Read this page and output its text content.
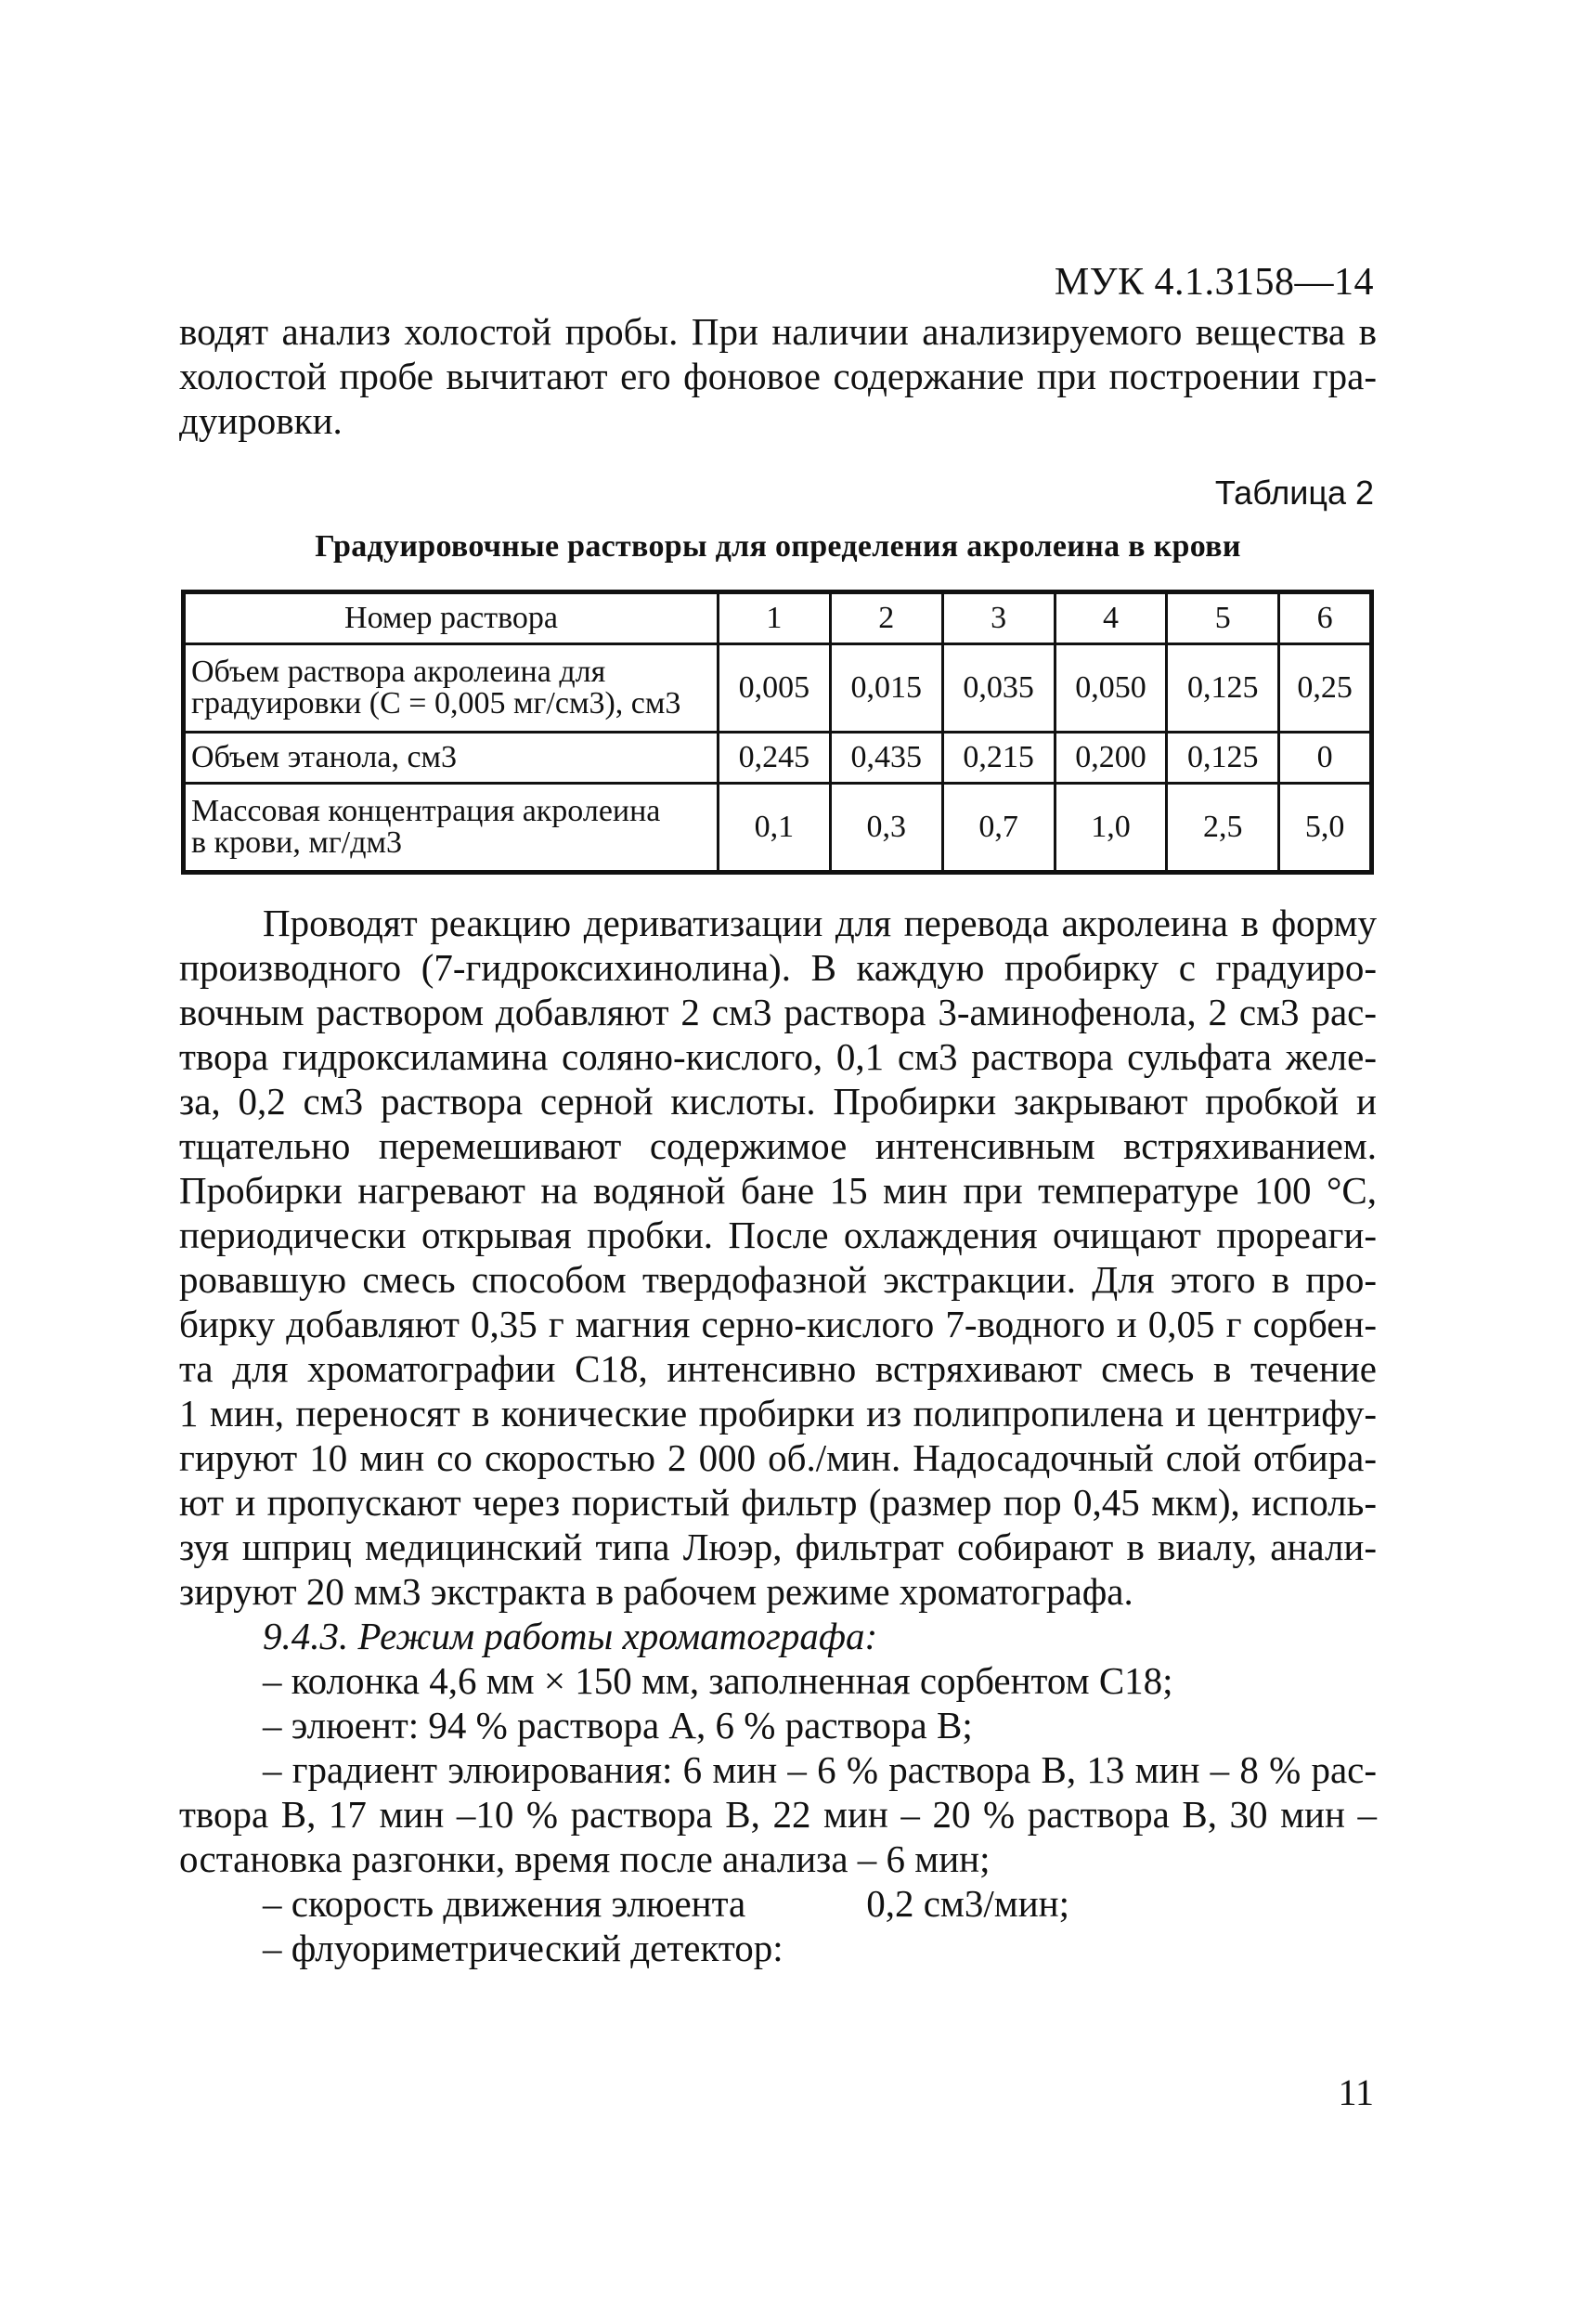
МУК 4.1.3158—14
водят анализ холостой пробы. При наличии анализируемого вещества в
холостой пробе вычитают его фоновое содержание при построении гра-
дуировки.
Таблица 2
Градуировочные растворы для определения акролеина в крови
Номер раствора	1	2	3	4	5	6

Объем раствора акролеина для
градуировки (C = 0,005 мг/см3), см3	0,005	0,015	0,035	0,050	0,125	0,25

Объем этанола, см3	0,245	0,435	0,215	0,200	0,125	0

Массовая концентрация акролеина
в крови, мг/дм3	0,1	0,3	0,7	1,0	2,5	5,0
Проводят реакцию дериватизации для перевода акролеина в форму
производного (7-гидроксихинолина). В каждую пробирку с градуиро-
вочным раствором добавляют 2 см3 раствора 3-аминофенола, 2 см3 рас-
твора гидроксиламина соляно-кислого, 0,1 см3 раствора сульфата желе-
за, 0,2 см3 раствора серной кислоты. Пробирки закрывают пробкой и
тщательно перемешивают содержимое интенсивным встряхиванием.
Пробирки нагревают на водяной бане 15 мин при температуре 100 °С,
периодически открывая пробки. После охлаждения очищают прореаги-
ровавшую смесь способом твердофазной экстракции. Для этого в про-
бирку добавляют 0,35 г магния серно-кислого 7-водного и 0,05 г сорбен-
та для хроматографии C18, интенсивно встряхивают смесь в течение
1 мин, переносят в конические пробирки из полипропилена и центрифу-
гируют 10 мин со скоростью 2 000 об./мин. Надосадочный слой отбира-
ют и пропускают через пористый фильтр (размер пор 0,45 мкм), исполь-
зуя шприц медицинский типа Люэр, фильтрат собирают в виалу, анали-
зируют 20 мм3 экстракта в рабочем режиме хроматографа.
9.4.3. Режим работы хроматографа:
– колонка 4,6 мм × 150 мм, заполненная сорбентом C18;
– элюент: 94 % раствора А, 6 % раствора В;
– градиент элюирования: 6 мин – 6 % раствора В, 13 мин – 8 % рас-
твора В, 17 мин –10 % раствора В, 22 мин – 20 % раствора В, 30 мин –
остановка разгонки, время после анализа – 6 мин;
– скорость движения элюента	0,2 см3/мин;
– флуориметрический детектор:
11
